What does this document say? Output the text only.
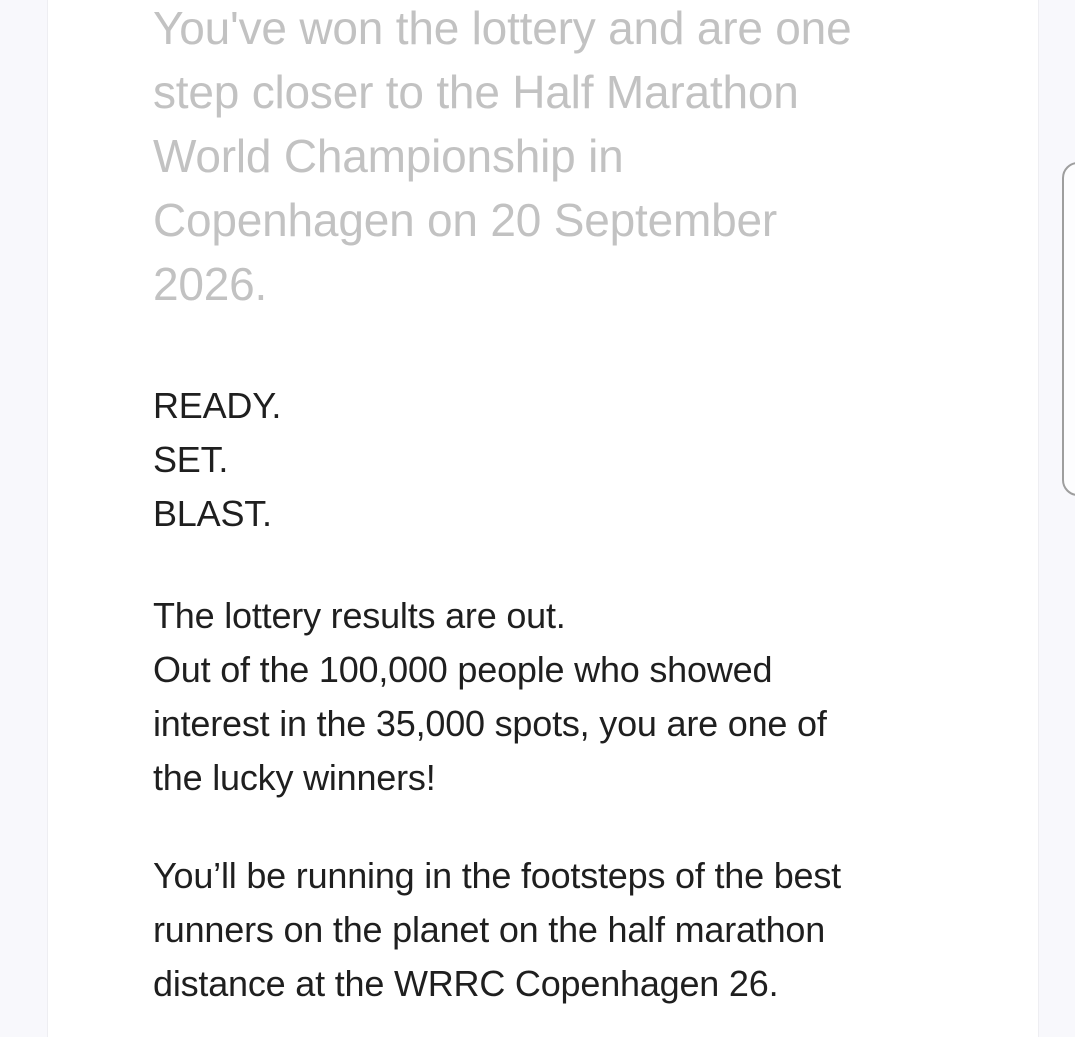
You've won the lottery and are one
step closer to the Half Marathon
World Championship in
Copenhagen on 20 September
2026.
READY.
SET.
BLAST.
The lottery results are out.
Out of the 100,000 people who showed
interest in the 35,000 spots, you are one of
the lucky winners!
You’ll be running in the footsteps of the best
runners on the planet on the half marathon
distance at the WRRC Copenhagen 26.
